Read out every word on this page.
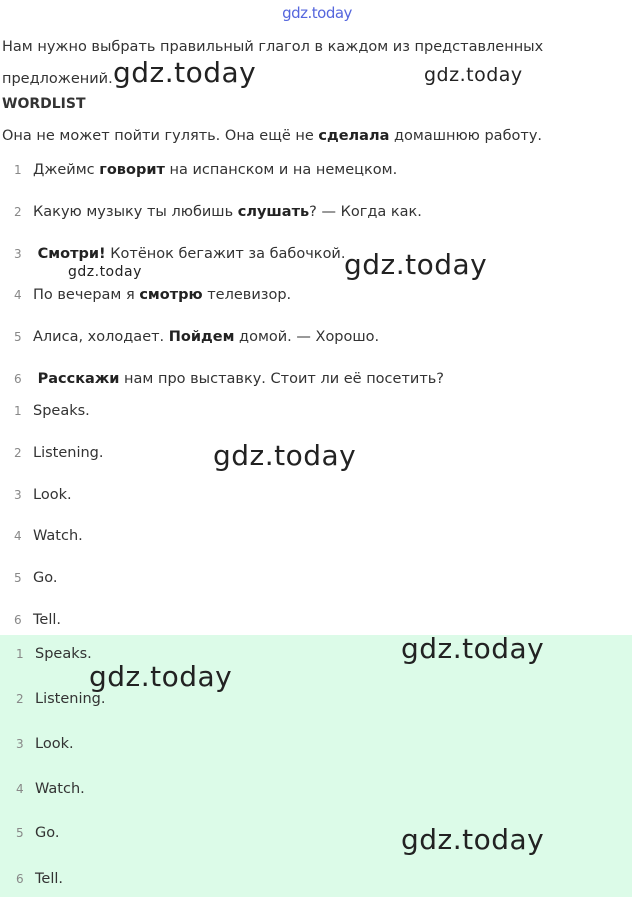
gdz.today
Нам нужно выбрать правильный глагол в каждом из представленных предложений.
WORDLIST
Она не может пойти гулять. Она ещё не сделала домашнюю работу.
1 Джеймс говорит на испанском и на немецком.
2 Какую музыку ты любишь слушать? — Когда как.
3 Смотри! Котёнок бегажит за бабочкой.
4 По вечерам я смотрю телевизор.
5 Алиса, холодает. Пойдем домой. — Хорошо.
6 Расскажи нам про выставку. Стоит ли её посетить?
1 Speaks.
2 Listening.
3 Look.
4 Watch.
5 Go.
6 Tell.
1 Speaks.
2 Listening.
3 Look.
4 Watch.
5 Go.
6 Tell.
gdz.today	gdz.today
gdz.today
gdz.today
gdz.today
gdz.today
gdz.today
gdz.today
